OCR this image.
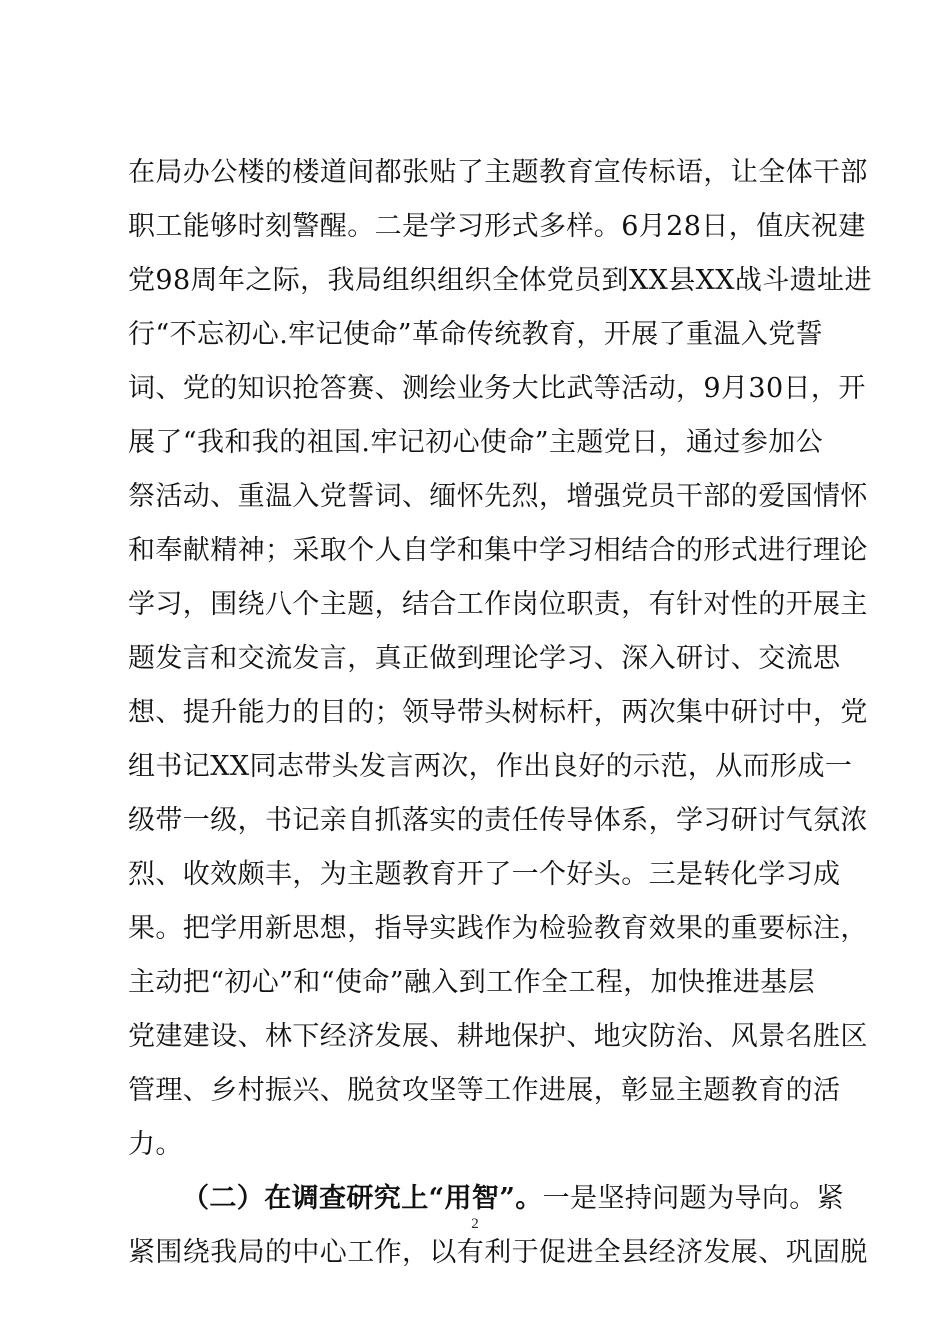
在局办公楼的楼道间都张贴了主题教育宣传标语，让全体干部
职工能够时刻警醒。二是学习形式多样。6月28日，值庆祝建
党98周年之际，我局组织组织全体党员到XX县XX战斗遗址进
行“不忘初心.牢记使命”革命传统教育，开展了重温入党誓
词、党的知识抢答赛、测绘业务大比武等活动，9月30日，开
展了“我和我的祖国.牢记初心使命”主题党日，通过参加公
祭活动、重温入党誓词、缅怀先烈，增强党员干部的爱国情怀
和奉献精神；采取个人自学和集中学习相结合的形式进行理论
学习，围绕八个主题，结合工作岗位职责，有针对性的开展主
题发言和交流发言，真正做到理论学习、深入研讨、交流思
想、提升能力的目的；领导带头树标杆，两次集中研讨中，党
组书记XX同志带头发言两次，作出良好的示范，从而形成一
级带一级，书记亲自抓落实的责任传导体系，学习研讨气氛浓
烈、收效颇丰，为主题教育开了一个好头。三是转化学习成
果。把学用新思想，指导实践作为检验教育效果的重要标注，
主动把“初心”和“使命”融入到工作全工程，加快推进基层
党建建设、林下经济发展、耕地保护、地灾防治、风景名胜区
管理、乡村振兴、脱贫攻坚等工作进展，彰显主题教育的活
力。
（二）在调查研究上“用智”。一是坚持问题为导向。紧
紧围绕我局的中心工作，以有利于促进全县经济发展、巩固脱
2
